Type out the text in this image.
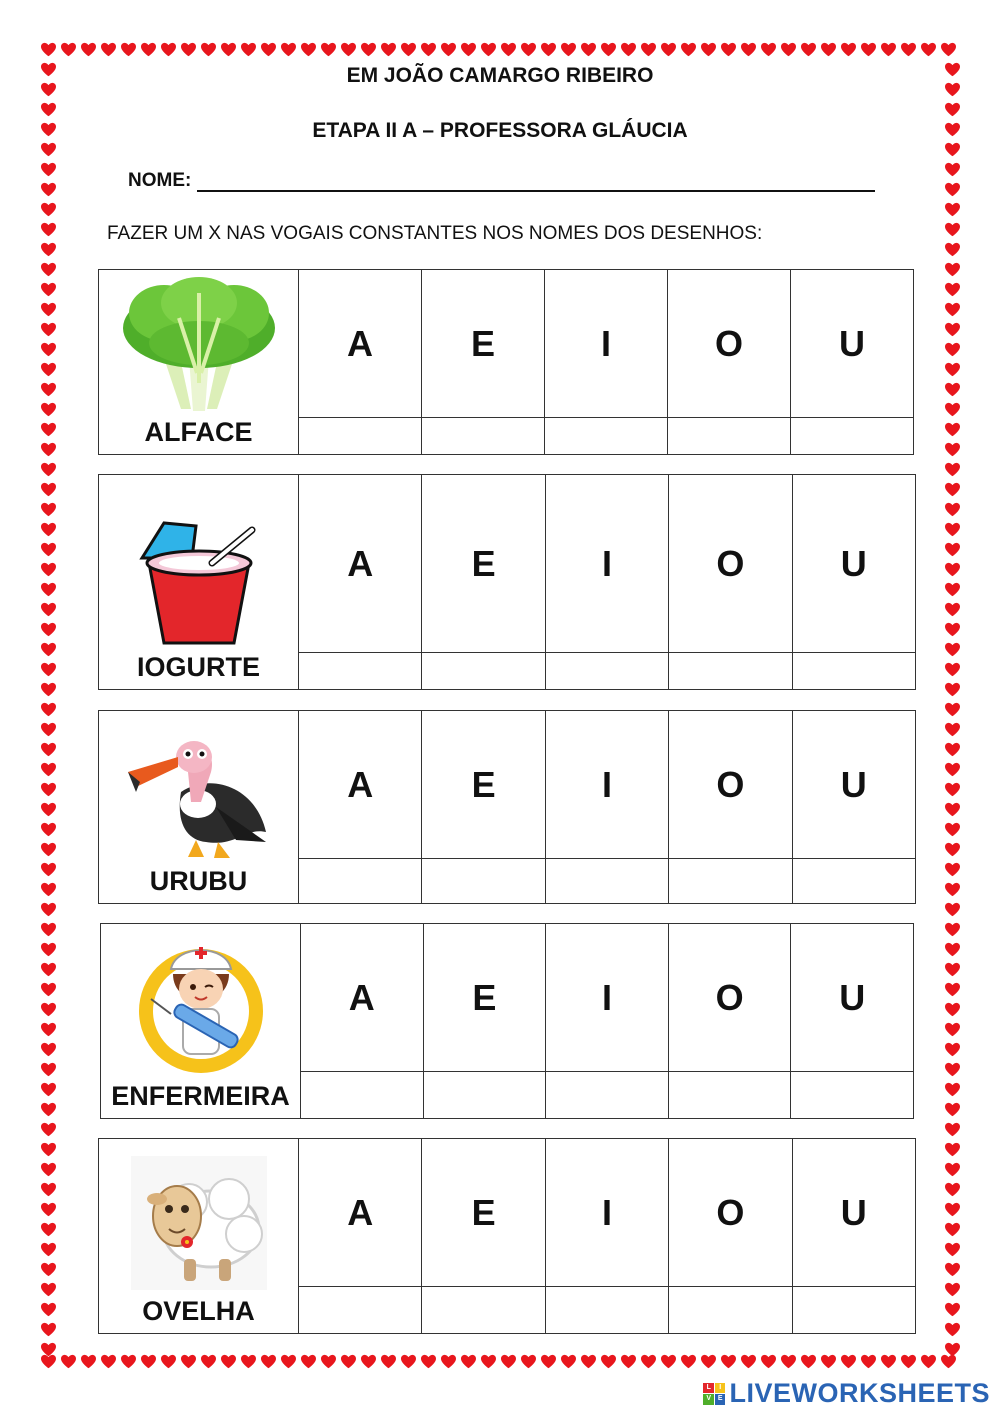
EM JOÃO CAMARGO RIBEIRO
ETAPA II A – PROFESSORA GLÁUCIA
NOME:
FAZER UM X NAS VOGAIS CONSTANTES NOS NOMES DOS DESENHOS:
ALFACE	A	E	I	O	U

IOGURTE	A	E	I	O	U

URUBU	A	E	I	O	U

ENFERMEIRA	A	E	I	O	U

OVELHA	A	E	I	O	U

L	I
V E LIVEWORKSHEETS
